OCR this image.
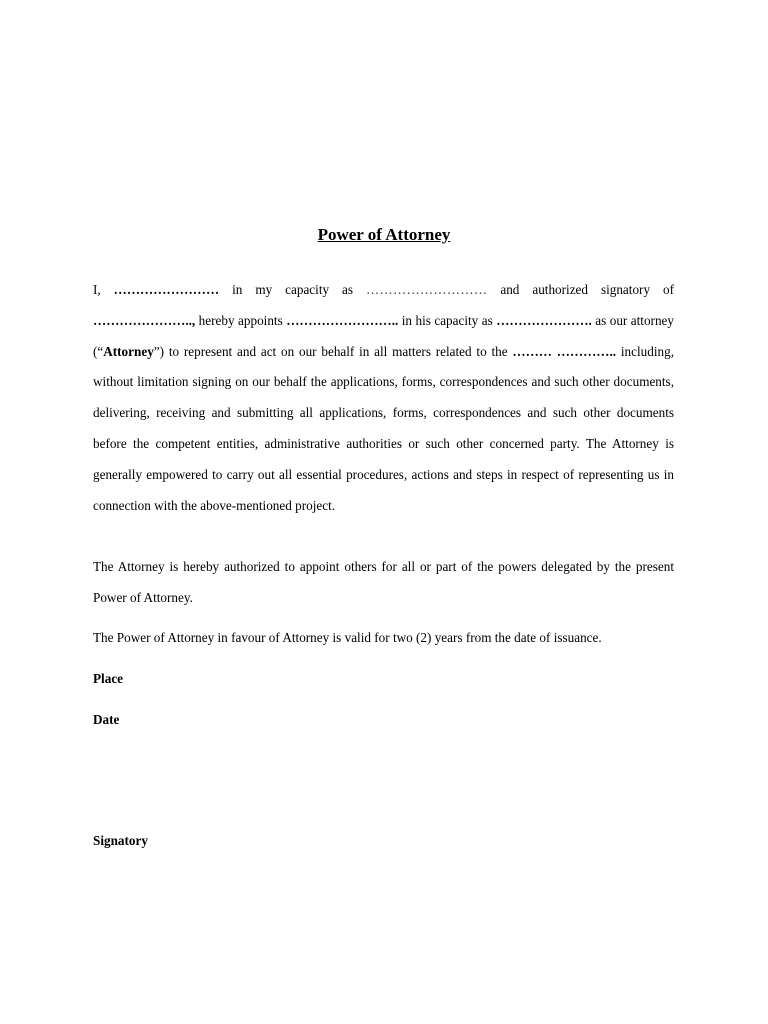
Power of Attorney

I, …………………… in my capacity as ……………………… and authorized signatory of ………………….., hereby appoints …………………….. in his capacity as …………………. as our attorney (“Attorney”) to represent and act on our behalf in all matters related to the ……… ………….. including, without limitation signing on our behalf the applications, forms, correspondences and such other documents, delivering, receiving and submitting all applications, forms, correspondences and such other documents before the competent entities, administrative authorities or such other concerned party. The Attorney is generally empowered to carry out all essential procedures, actions and steps in respect of representing us in connection with the above-mentioned project.

The Attorney is hereby authorized to appoint others for all or part of the powers delegated by the present Power of Attorney.

The Power of Attorney in favour of Attorney is valid for two (2) years from the date of issuance.

Place

Date

Signatory
